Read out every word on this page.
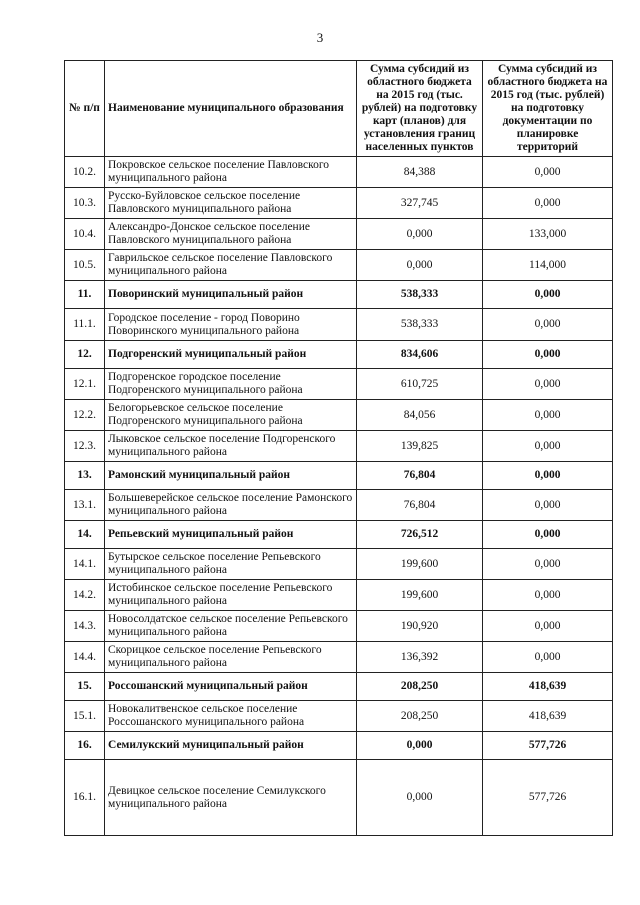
3
№ п/п	Наименование муниципального образования	Сумма субсидий из областного бюджета на 2015 год (тыс. рублей) на подготовку карт (планов) для установления границ населенных пунктов	Сумма субсидий из областного бюджета на 2015 год (тыс. рублей) на подготовку документации по планировке территорий
10.2.	Покровское сельское поселение Павловского муниципального района	84,388	0,000
10.3.	Русско-Буйловское сельское поселение Павловского муниципального района	327,745	0,000
10.4.	Александро-Донское сельское поселение Павловского муниципального района	0,000	133,000
10.5.	Гаврильское сельское поселение Павловского муниципального района	0,000	114,000
11.	Поворинский муниципальный район	538,333	0,000
11.1.	Городское поселение - город Поворино Поворинского муниципального района	538,333	0,000
12.	Подгоренский муниципальный район	834,606	0,000
12.1.	Подгоренское городское поселение Подгоренского муниципального района	610,725	0,000
12.2.	Белогорьевское сельское поселение Подгоренского муниципального района	84,056	0,000
12.3.	Лыковское сельское поселение Подгоренского муниципального района	139,825	0,000
13.	Рамонский муниципальный район	76,804	0,000
13.1.	Большеверейское сельское поселение Рамонского муниципального района	76,804	0,000
14.	Репьевский муниципальный район	726,512	0,000
14.1.	Бутырское сельское поселение Репьевского муниципального района	199,600	0,000
14.2.	Истобинское сельское поселение Репьевского муниципального района	199,600	0,000
14.3.	Новосолдатское сельское поселение Репьевского муниципального района	190,920	0,000
14.4.	Скорицкое сельское поселение Репьевского муниципального района	136,392	0,000
15.	Россошанский муниципальный район	208,250	418,639
15.1.	Новокалитвенское сельское поселение Россошанского муниципального района	208,250	418,639
16.	Семилукский муниципальный район	0,000	577,726
16.1.	Девицкое сельское поселение Семилукского муниципального района	0,000	577,726
